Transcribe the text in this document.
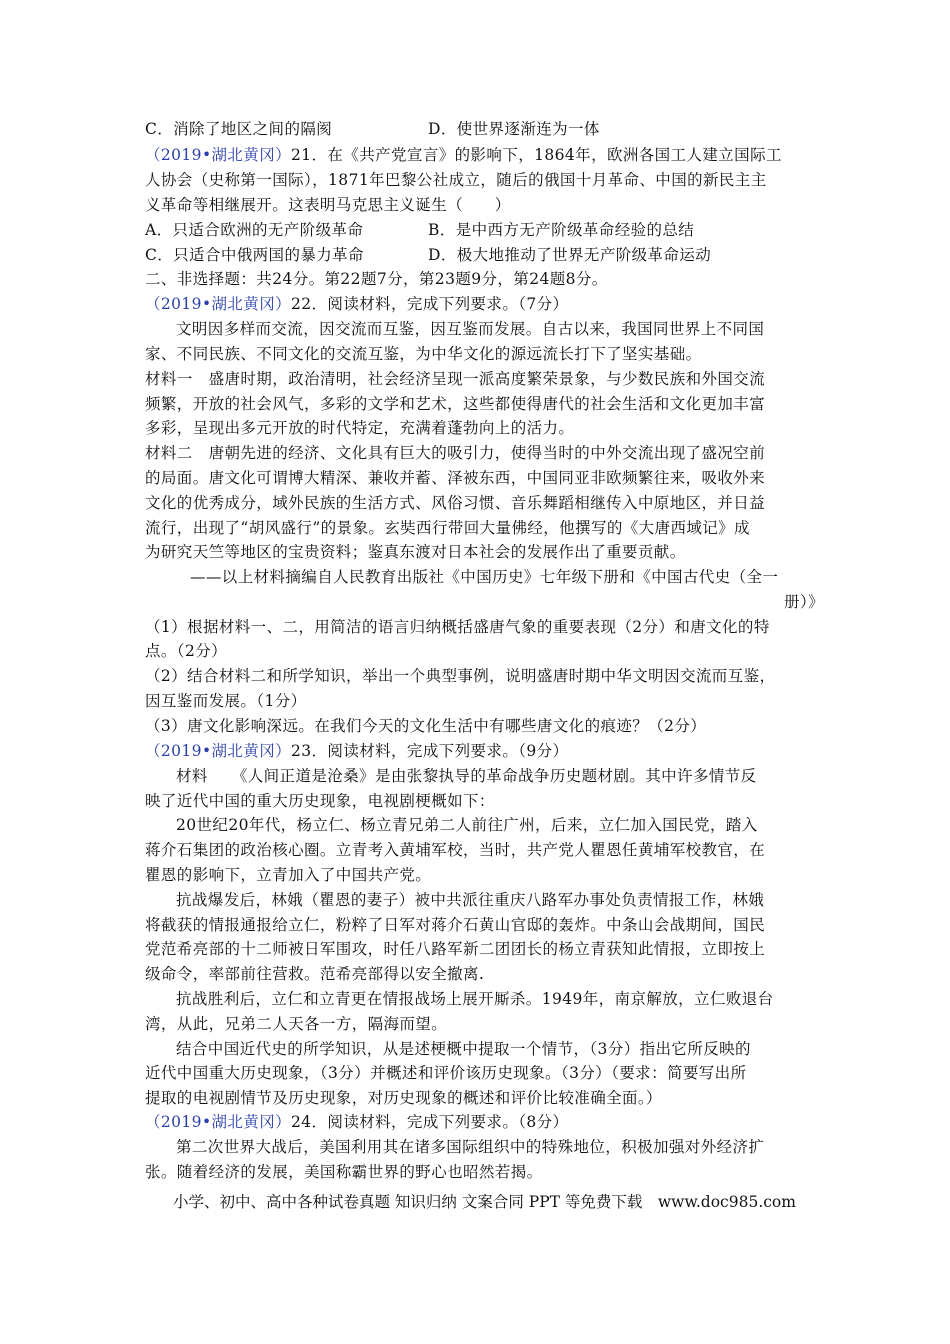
C．消除了地区之间的隔阂	D．使世界逐渐连为一体
（2019•湖北黄冈）21．在《共产党宣言》的影响下，1864年，欧洲各国工人建立国际工
人协会（史称第一国际），1871年巴黎公社成立，随后的俄国十月革命、中国的新民主主
义革命等相继展开。这表明马克思主义诞生（　　）
A．只适合欧洲的无产阶级革命	B．是中西方无产阶级革命经验的总结
C．只适合中俄两国的暴力革命	D．极大地推动了世界无产阶级革命运动
二、非选择题：共24分。第22题7分，第23题9分，第24题8分。
（2019•湖北黄冈）22．阅读材料，完成下列要求。（7分）
文明因多样而交流，因交流而互鉴，因互鉴而发展。自古以来，我国同世界上不同国
家、不同民族、不同文化的交流互鉴，为中华文化的源远流长打下了坚实基础。
材料一　盛唐时期，政治清明，社会经济呈现一派高度繁荣景象，与少数民族和外国交流
频繁，开放的社会风气，多彩的文学和艺术，这些都使得唐代的社会生活和文化更加丰富
多彩，呈现出多元开放的时代特定，充满着蓬勃向上的活力。
材料二　唐朝先进的经济、文化具有巨大的吸引力，使得当时的中外交流出现了盛况空前
的局面。唐文化可谓博大精深、兼收并蓄、泽被东西，中国同亚非欧频繁往来，吸收外来
文化的优秀成分，域外民族的生活方式、风俗习惯、音乐舞蹈相继传入中原地区，并日益
流行，出现了“胡风盛行”的景象。玄奘西行带回大量佛经，他撰写的《大唐西域记》成
为研究天竺等地区的宝贵资料；鉴真东渡对日本社会的发展作出了重要贡献。
——以上材料摘编自人民教育出版社《中国历史》七年级下册和《中国古代史（全一
册）》
（1）根据材料一、二，用简洁的语言归纳概括盛唐气象的重要表现（2分）和唐文化的特
点。（2分）
（2）结合材料二和所学知识，举出一个典型事例，说明盛唐时期中华文明因交流而互鉴，
因互鉴而发展。（1分）
（3）唐文化影响深远。在我们今天的文化生活中有哪些唐文化的痕迹？（2分）
（2019•湖北黄冈）23．阅读材料，完成下列要求。（9分）
材料　　《人间正道是沧桑》是由张黎执导的革命战争历史题材剧。其中许多情节反
映了近代中国的重大历史现象，电视剧梗概如下：
20世纪20年代，杨立仁、杨立青兄弟二人前往广州，后来，立仁加入国民党，踏入
蒋介石集团的政治核心圈。立青考入黄埔军校，当时，共产党人瞿恩任黄埔军校教官，在
瞿恩的影响下，立青加入了中国共产党。
抗战爆发后，林娥（瞿恩的妻子）被中共派往重庆八路军办事处负责情报工作，林娥
将截获的情报通报给立仁，粉粹了日军对蒋介石黄山官邸的轰炸。中条山会战期间，国民
党范希亮部的十二师被日军围攻，时任八路军新二团团长的杨立青获知此情报，立即按上
级命令，率部前往营救。范希亮部得以安全撤离.
抗战胜利后，立仁和立青更在情报战场上展开厮杀。1949年，南京解放，立仁败退台
湾，从此，兄弟二人天各一方，隔海而望。
结合中国近代史的所学知识，从是述梗概中提取一个情节，（3分）指出它所反映的
近代中国重大历史现象，（3分）并概述和评价该历史现象。（3分）（要求：简要写出所
提取的电视剧情节及历史现象，对历史现象的概述和评价比较准确全面。）
（2019•湖北黄冈）24．阅读材料，完成下列要求。（8分）
第二次世界大战后，美国利用其在诸多国际组织中的特殊地位，积极加强对外经济扩
张。随着经济的发展，美国称霸世界的野心也昭然若揭。
小学、初中、高中各种试卷真题 知识归纳 文案合同 PPT 等免费下载　www.doc985.com
